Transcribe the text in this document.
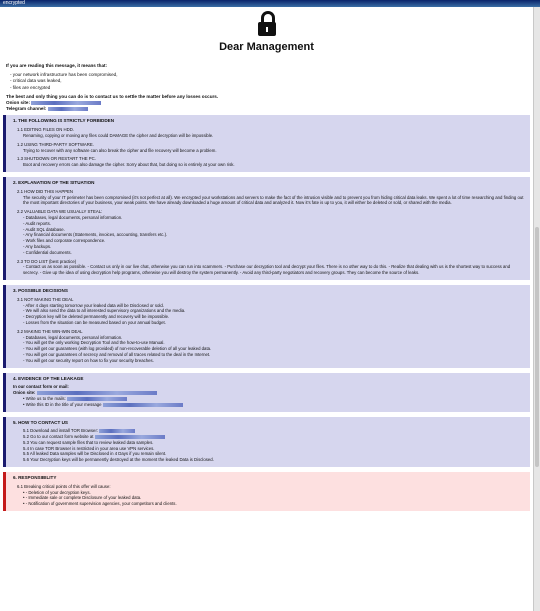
encrypted
Dear Management
If you are reading this message, it means that:
- your network infrastructure has been compromised,
- critical data was leaked,
- files are encrypted
The best and only thing you can do is to contact us to settle the matter before any losses occurs.
Onion site:
Telegram channel:
1. THE FOLLOWING IS STRICTLY FORBIDDEN
1.1 EDITING FILES ON HDD.

Renaming, copying or moving any files could DAMAGE the cipher and decryption will be impossible.

1.2 USING THIRD-PARTY SOFTWARE.

Trying to recover with any software can also break the cipher and file recovery will become a problem.

1.3 SHUTDOWN OR RESTART THE PC.

Boot and recovery errors can also damage the cipher. Sorry about that, but doing so is entirely at your own risk.

2. EXPLANATION OF THE SITUATION
2.1 HOW DID THIS HAPPEN

The security of your IT perimeter has been compromised (it's not perfect at all). We encrypted your workstations and servers to make the fact of the intrusion visible and to prevent you from hiding critical data leaks. We spent a lot of time researching and finding out the most important directories of your business, your weak points. We have already downloaded a huge amount of critical data and analyzed it. Now it's fate is up to you, it will either be deleted or sold, or shared with the media.

2.2 VALUABLE DATA WE USUALLY STEAL:
- Databases, legal documents, personal information.
- Audit reports.
- Audit SQL database.
- Any financial documents (Statements, invoices, accounting, transfers etc.).
- Work files and corporate correspondence.
- Any backups.
- Confidential documents.
2.3 TO DO LIST (best practice)

- Contact us as soon as possible. - Contact us only in our live chat, otherwise you can run into scammers. - Purchase our decryption tool and decrypt your files. There is no other way to do this. - Realize that dealing with us is the shortest way to success and secrecy. - Give up the idea of using decryption help programs, otherwise you will destroy the system permanently. - Avoid any third-party negotiators and recovery groups. They can become the source of leaks.

3. POSSIBLE DECISIONS
3.1 NOT MAKING THE DEAL
- After 4 days starting tomorrow your leaked data will be Disclosed or sold.
- We will also send the data to all interested supervisory organizations and the media.
- Decryption key will be deleted permanently and recovery will be impossible.
- Losses from the situation can be measured based on your annual budget.
3.2 MAKING THE WIN-WIN DEAL
- Databases, legal documents, personal information.
- You will get the only working Decryption Tool and the how-to-use Manual.
- You will get our guarantees (with log provided) of non-recoverable deletion of all your leaked data.
- You will get our guarantees of secrecy and removal of all traces related to the deal in the Internet.
- You will get our security report on how to fix your security breaches.
4. EVIDENCE OF THE LEAKAGE
In our contact form or mail:
Onion site:
• Write us to the mails:
• Write this ID in the title of your message
5. HOW TO CONTACT US
5.1 Download and install TOR Browser:
5.2 Go to our contact form website at
5.3 You can request sample files that to review leaked data samples.
5.4 In case TOR Browser is restricted in your area use VPN services.
5.5 All leaked Data samples will be Disclosed in 4 Days if you remain silent.
5.6 Your Decryption keys will be permanently destroyed at the moment the leaked Data is Disclosed.
6. RESPONSIBILITY
6.1 Breaking critical points of this offer will cause:
• - Deletion of your decryption keys.
• - Immediate sale or complete Disclosure of your leaked data.
• - Notification of government supervision agencies, your competitors and clients.
